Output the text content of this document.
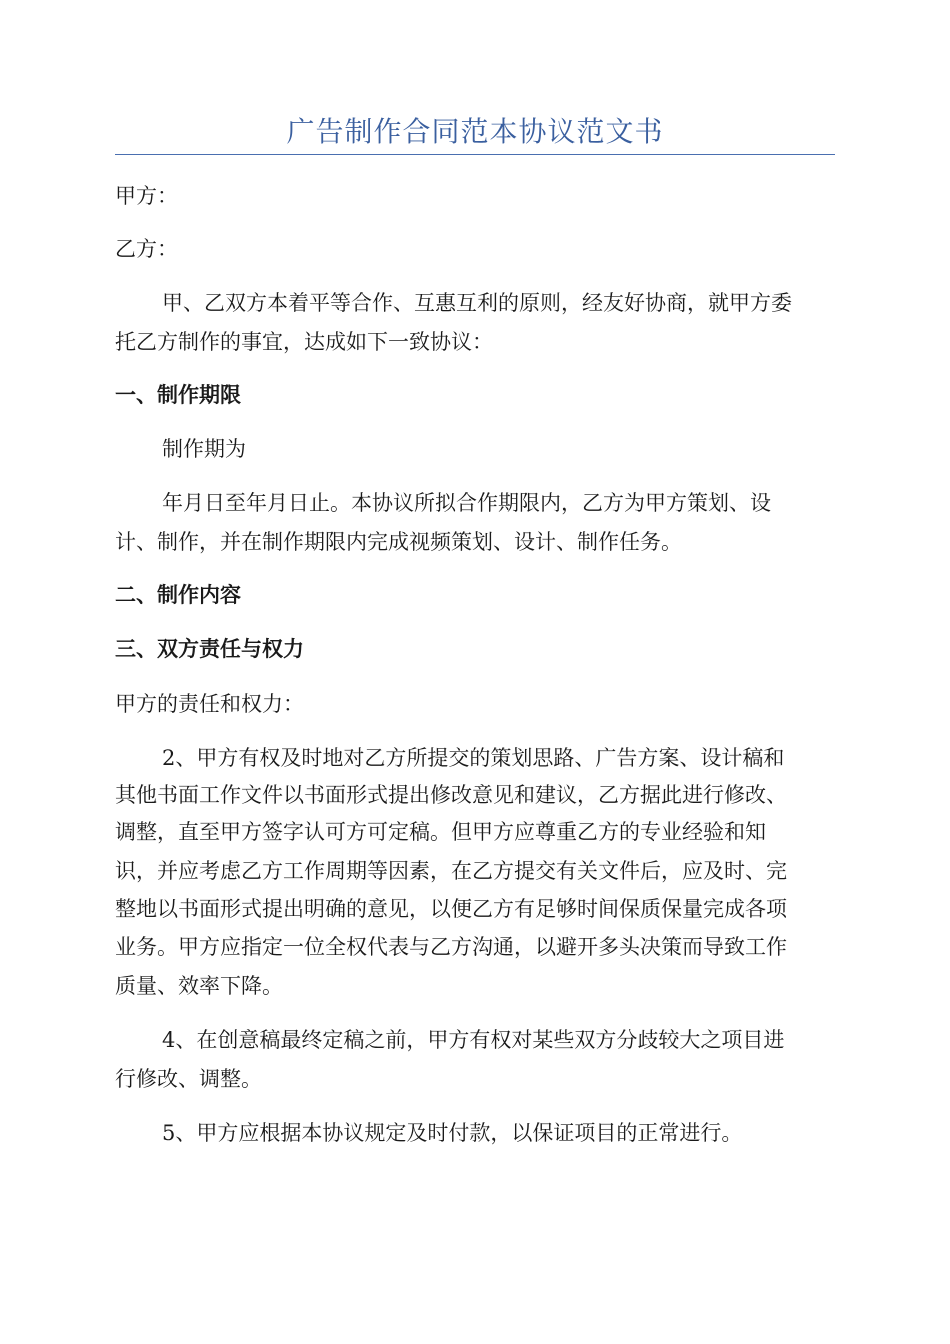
广告制作合同范本协议范文书
甲方：
乙方：
甲、乙双方本着平等合作、互惠互利的原则，经友好协商，就甲方委
托乙方制作的事宜，达成如下一致协议：
一、制作期限
制作期为
年月日至年月日止。本协议所拟合作期限内，乙方为甲方策划、设
计、制作，并在制作期限内完成视频策划、设计、制作任务。
二、制作内容
三、双方责任与权力
甲方的责任和权力：
2、甲方有权及时地对乙方所提交的策划思路、广告方案、设计稿和
其他书面工作文件以书面形式提出修改意见和建议，乙方据此进行修改、
调整，直至甲方签字认可方可定稿。但甲方应尊重乙方的专业经验和知
识，并应考虑乙方工作周期等因素，在乙方提交有关文件后，应及时、完
整地以书面形式提出明确的意见，以便乙方有足够时间保质保量完成各项
业务。甲方应指定一位全权代表与乙方沟通，以避开多头决策而导致工作
质量、效率下降。
4、在创意稿最终定稿之前，甲方有权对某些双方分歧较大之项目进
行修改、调整。
5、甲方应根据本协议规定及时付款，以保证项目的正常进行。
